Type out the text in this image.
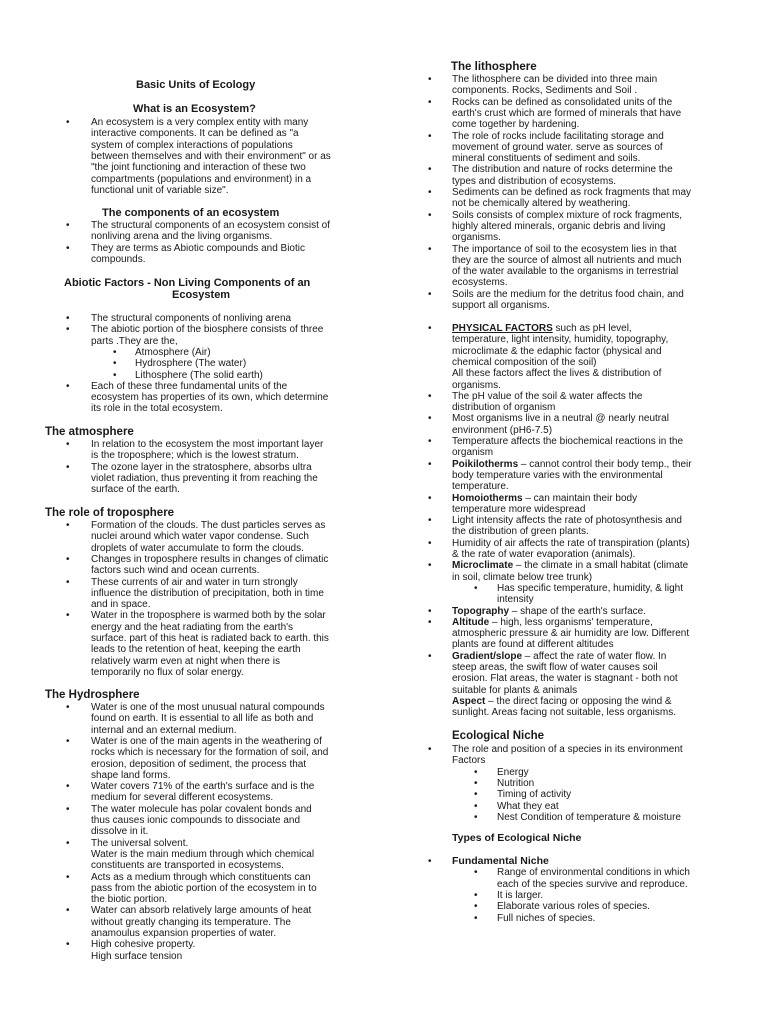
Basic Units of Ecology
What is an Ecosystem?
• An ecosystem is a very complex entity with many
interactive components. It can be defined as "a
system of complex interactions of populations
between themselves and with their environment" or as
"the joint functioning and interaction of these two
compartments (populations and environment) in a
functional unit of variable size".
The components of an ecosystem
• The structural components of an ecosystem consist of
nonliving arena and the living organisms.
• They are terms as Abiotic compounds and Biotic
compounds.
Abiotic Factors - Non Living Components of an
Ecosystem
• The structural components of nonliving arena
• The abiotic portion of the biosphere consists of three
parts .They are the,
• Atmosphere (Air)
• Hydrosphere (The water)
• Lithosphere (The solid earth)
• Each of these three fundamental units of the
ecosystem has properties of its own, which determine
its role in the total ecosystem.
The atmosphere
• In relation to the ecosystem the most important layer
is the troposphere; which is the lowest stratum.
• The ozone layer in the stratosphere, absorbs ultra
violet radiation, thus preventing it from reaching the
surface of the earth.
The role of troposphere
• Formation of the clouds. The dust particles serves as
nuclei around which water vapor condense. Such
droplets of water accumulate to form the clouds.
• Changes in troposphere results in changes of climatic
factors such wind and ocean currents.
• These currents of air and water in turn strongly
influence the distribution of precipitation, both in time
and in space.
• Water in the troposphere is warmed both by the solar
energy and the heat radiating from the earth's
surface. part of this heat is radiated back to earth. this
leads to the retention of heat, keeping the earth
relatively warm even at night when there is
temporarily no flux of solar energy.
The Hydrosphere
• Water is one of the most unusual natural compounds
found on earth. It is essential to all life as both and
internal and an external medium.
• Water is one of the main agents in the weathering of
rocks which is necessary for the formation of soil, and
erosion, deposition of sediment, the process that
shape land forms.
• Water covers 71% of the earth's surface and is the
medium for several different ecosystems.
• The water molecule has polar covalent bonds and
thus causes ionic compounds to dissociate and
dissolve in it.
• The universal solvent.
Water is the main medium through which chemical
constituents are transported in ecosystems.
• Acts as a medium through which constituents can
pass from the abiotic portion of the ecosystem in to
the biotic portion.
• Water can absorb relatively large amounts of heat
without greatly changing its temperature. The
anamoulus expansion properties of water.
• High cohesive property.
High surface tension
The lithosphere
• The lithosphere can be divided into three main
components. Rocks, Sediments and Soil .
• Rocks can be defined as consolidated units of the
earth's crust which are formed of minerals that have
come together by hardening.
• The role of rocks include facilitating storage and
movement of ground water. serve as sources of
mineral constituents of sediment and soils.
• The distribution and nature of rocks determine the
types and distribution of ecosystems.
• Sediments can be defined as rock fragments that may
not be chemically altered by weathering.
• Soils consists of complex mixture of rock fragments,
highly altered minerals, organic debris and living
organisms.
• The importance of soil to the ecosystem lies in that
they are the source of almost all nutrients and much
of the water available to the organisms in terrestrial
ecosystems.
• Soils are the medium for the detritus food chain, and
support all organisms.
• PHYSICAL FACTORS such as pH level,
temperature, light intensity, humidity, topography,
microclimate & the edaphic factor (physical and
chemical composition of the soil)
All these factors affect the lives & distribution of
organisms.
• The pH value of the soil & water affects the
distribution of organism
• Most organisms live in a neutral @ nearly neutral
environment (pH6-7.5)
• Temperature affects the biochemical reactions in the
organism
• Poikilotherms – cannot control their body temp., their
body temperature varies with the environmental
temperature.
• Homoiotherms – can maintain their body
temperature more widespread
• Light intensity affects the rate of photosynthesis and
the distribution of green plants.
• Humidity of air affects the rate of transpiration (plants)
& the rate of water evaporation (animals).
• Microclimate – the climate in a small habitat (climate
in soil, climate below tree trunk)
• Has specific temperature, humidity, & light
intensity
• Topography – shape of the earth's surface.
• Altitude – high, less organisms' temperature,
atmospheric pressure & air humidity are low. Different
plants are found at different altitudes
• Gradient/slope – affect the rate of water flow. In
steep areas, the swift flow of water causes soil
erosion. Flat areas, the water is stagnant - both not
suitable for plants & animals
Aspect – the direct facing or opposing the wind &
sunlight. Areas facing not suitable, less organisms.
Ecological Niche
• The role and position of a species in its environment
Factors
• Energy
• Nutrition
• Timing of activity
• What they eat
• Nest Condition of temperature & moisture
Types of Ecological Niche
• Fundamental Niche
• Range of environmental conditions in which
each of the species survive and reproduce.
• It is larger.
• Elaborate various roles of species.
• Full niches of species.
